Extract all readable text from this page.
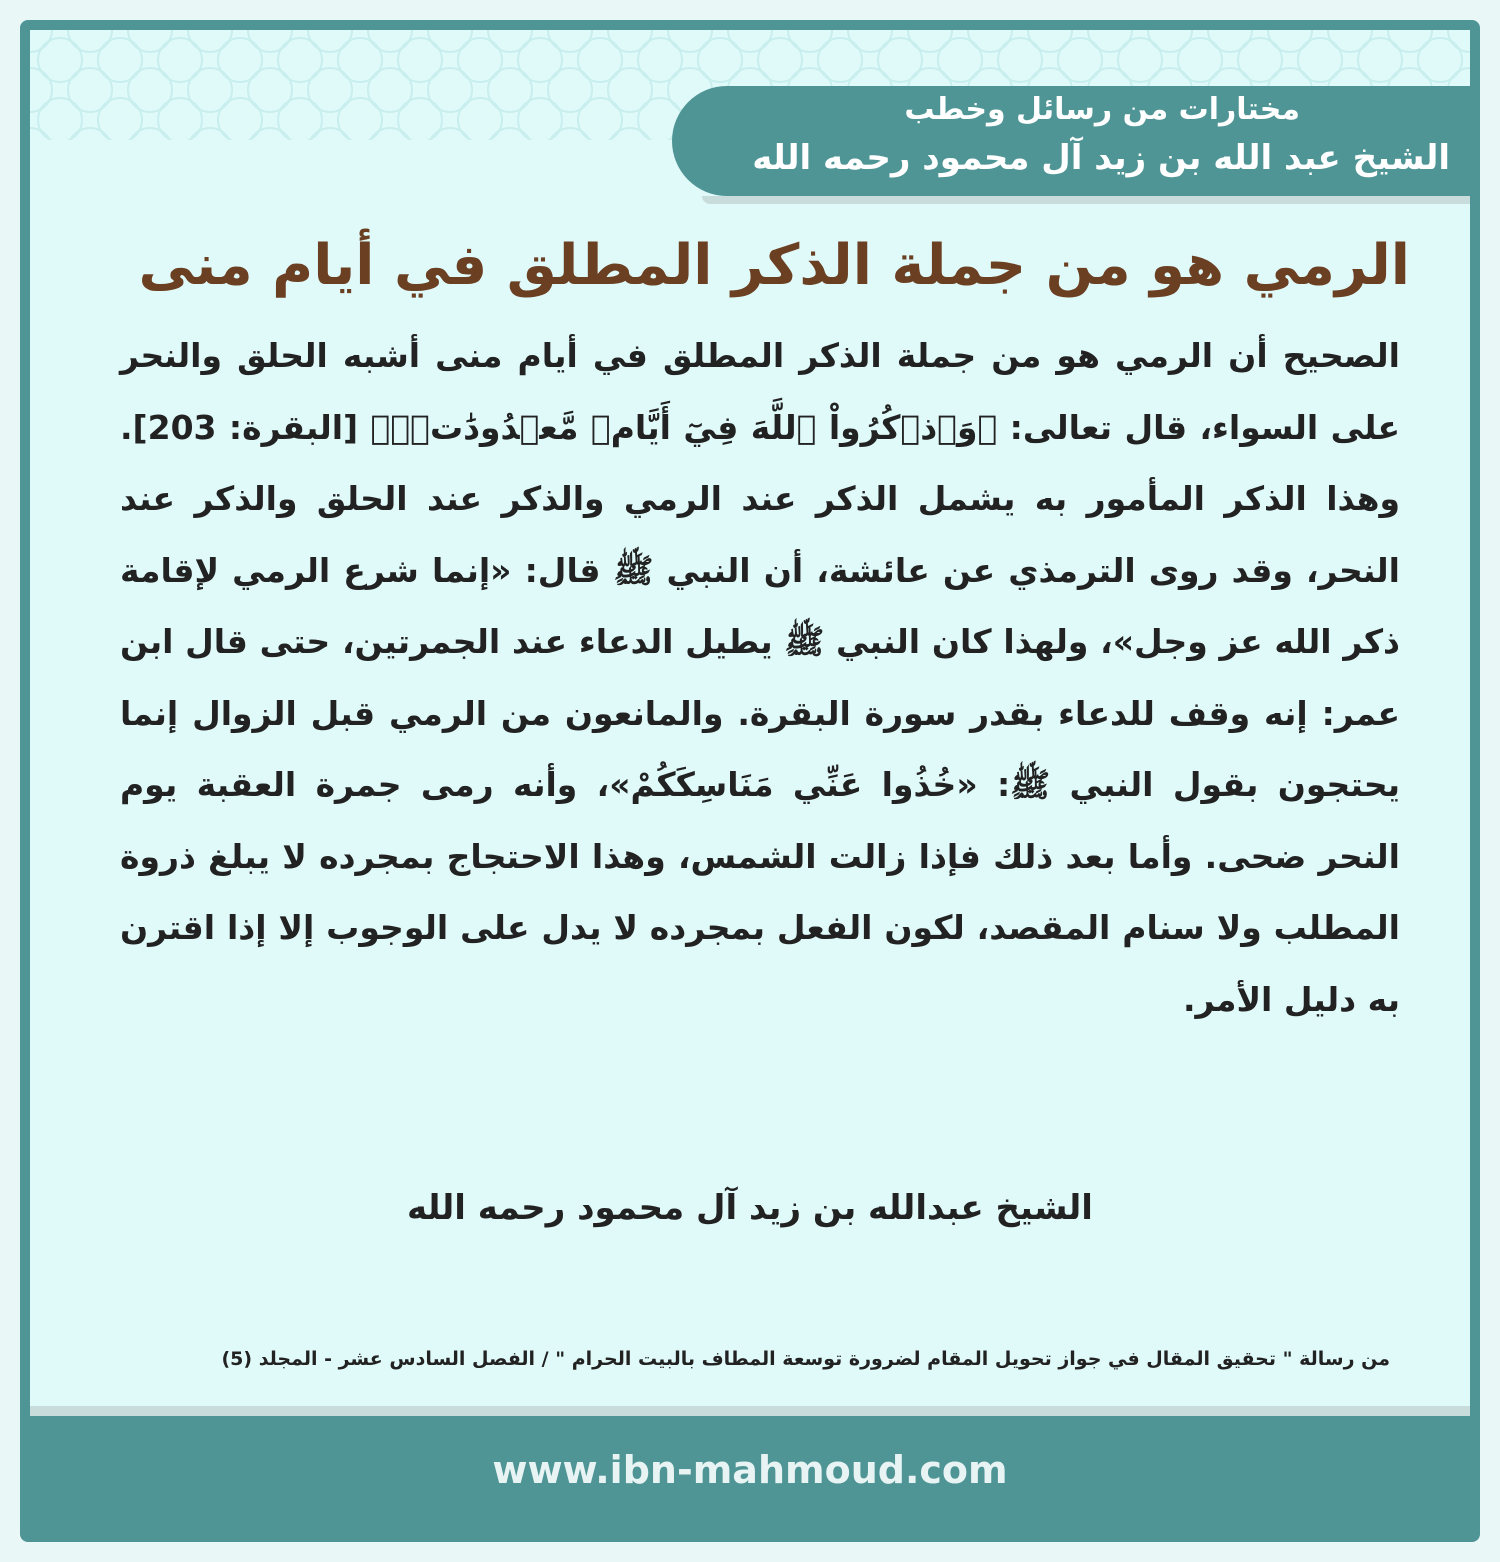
مختارات من رسائل وخطب
الشيخ عبد الله بن زيد آل محمود رحمه الله
الرمي هو من جملة الذكر المطلق في أيام منى

الصحيح أن الرمي هو من جملة الذكر المطلق في أيام منى أشبه الحلق والنحر على السواء، قال تعالى: ﴿وَٱذۡكُرُواْ ٱللَّهَ فِيٓ أَيَّامٖ مَّعۡدُودَٰتٖۚ﴾ [البقرة: 203]. وهذا الذكر المأمور به يشمل الذكر عند الرمي والذكر عند الحلق والذكر عند النحر، وقد روى الترمذي عن عائشة، أن النبي ﷺ قال: «إنما شرع الرمي لإقامة ذكر الله عز وجل»، ولهذا كان النبي ﷺ يطيل الدعاء عند الجمرتين، حتى قال ابن عمر: إنه وقف للدعاء بقدر سورة البقرة. والمانعون من الرمي قبل الزوال إنما يحتجون بقول النبي ﷺ: «خُذُوا عَنِّي مَنَاسِكَكُمْ»، وأنه رمى جمرة العقبة يوم النحر ضحى. وأما بعد ذلك فإذا زالت الشمس، وهذا الاحتجاج بمجرده لا يبلغ ذروة المطلب ولا سنام المقصد، لكون الفعل بمجرده لا يدل على الوجوب إلا إذا اقترن به دليل الأمر.

الشيخ عبدالله بن زيد آل محمود رحمه الله
من رسالة " تحقيق المقال في جواز تحويل المقام لضرورة توسعة المطاف بالبيت الحرام " / الفصل السادس عشر - المجلد (5)
www.ibn-mahmoud.com
